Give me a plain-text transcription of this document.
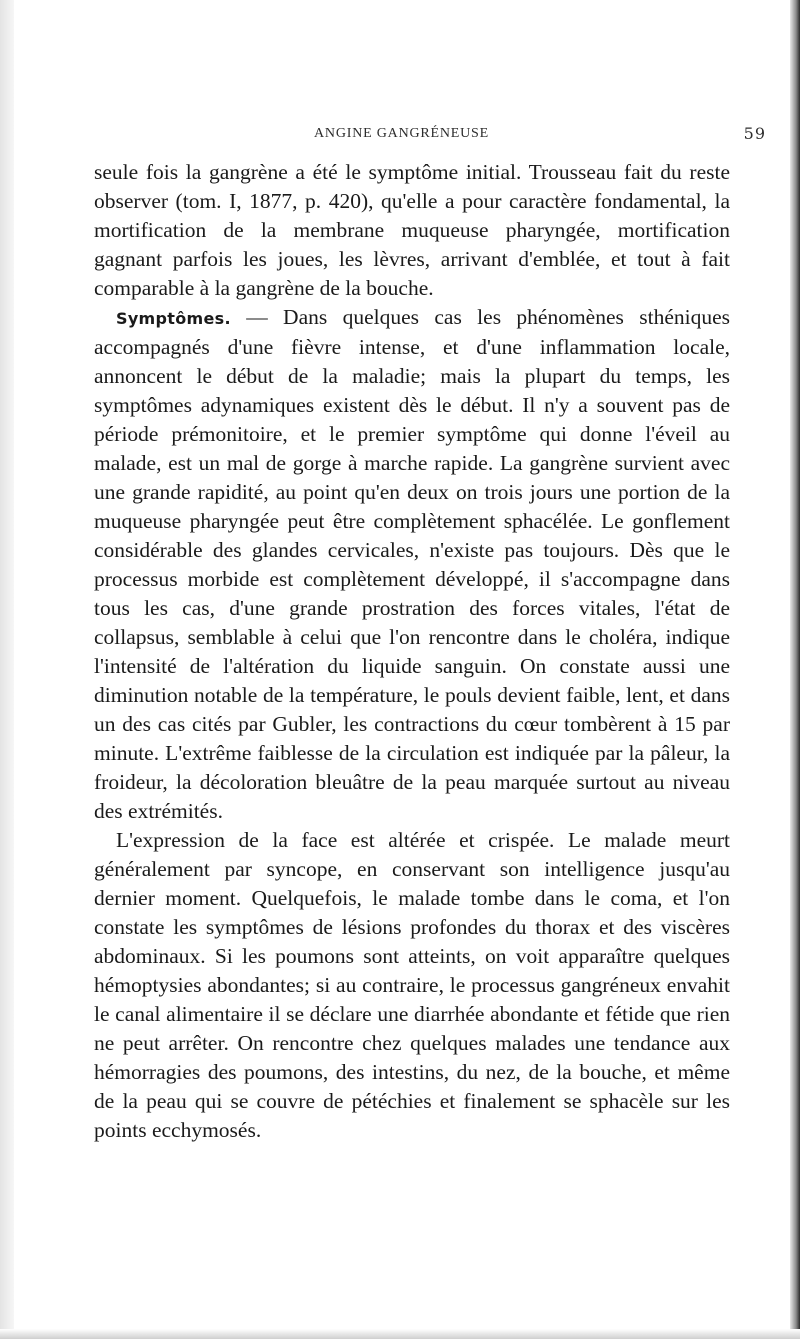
ANGINE GANGRÉNEUSE	59

seule fois la gangrène a été le symptôme initial. Trousseau fait du reste observer (tom. I, 1877, p. 420), qu'elle a pour caractère fondamental, la mortification de la membrane muqueuse pharyngée, mortification gagnant parfois les joues, les lèvres, arrivant d'emblée, et tout à fait comparable à la gangrène de la bouche.

Symptômes. — Dans quelques cas les phénomènes sthéniques accompagnés d'une fièvre intense, et d'une inflammation locale, annoncent le début de la maladie; mais la plupart du temps, les symptômes adynamiques existent dès le début. Il n'y a souvent pas de période prémonitoire, et le premier symptôme qui donne l'éveil au malade, est un mal de gorge à marche rapide. La gangrène survient avec une grande rapidité, au point qu'en deux on trois jours une portion de la muqueuse pharyngée peut être complètement sphacélée. Le gonflement considérable des glandes cervicales, n'existe pas toujours. Dès que le processus morbide est complètement développé, il s'accompagne dans tous les cas, d'une grande prostration des forces vitales, l'état de collapsus, semblable à celui que l'on rencontre dans le choléra, indique l'intensité de l'altération du liquide sanguin. On constate aussi une diminution notable de la température, le pouls devient faible, lent, et dans un des cas cités par Gubler, les contractions du cœur tombèrent à 15 par minute. L'extrême faiblesse de la circulation est indiquée par la pâleur, la froideur, la décoloration bleuâtre de la peau marquée surtout au niveau des extrémités.

L'expression de la face est altérée et crispée. Le malade meurt généralement par syncope, en conservant son intelligence jusqu'au dernier moment. Quelquefois, le malade tombe dans le coma, et l'on constate les symptômes de lésions profondes du thorax et des viscères abdominaux. Si les poumons sont atteints, on voit apparaître quelques hémoptysies abondantes; si au contraire, le processus gangréneux envahit le canal alimentaire il se déclare une diarrhée abondante et fétide que rien ne peut arrêter. On rencontre chez quelques malades une tendance aux hémorragies des poumons, des intestins, du nez, de la bouche, et même de la peau qui se couvre de pétéchies et finalement se sphacèle sur les points ecchymosés.
